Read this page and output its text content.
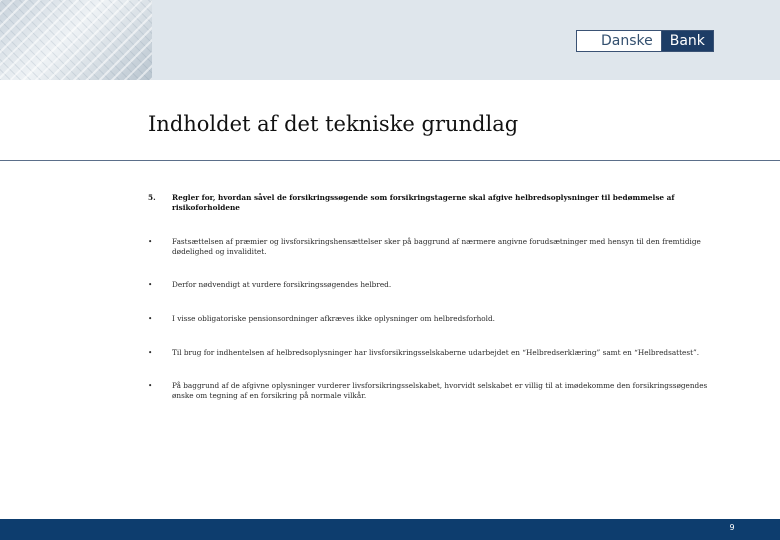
Danske	Bank
Indholdet af det tekniske grundlag
5. Regler for, hvordan såvel de forsikringssøgende som forsikringstagerne skal afgive helbredsoplysninger til bedømmelse af risikoforholdene
•	Fastsættelsen af præmier og livsforsikringshensættelser sker på baggrund af nærmere angivne forudsætninger med hensyn til den fremtidige dødelighed og invaliditet.
•	Derfor nødvendigt at vurdere forsikringssøgendes helbred.
•	I visse obligatoriske pensionsordninger afkræves ikke oplysninger om helbredsforhold.
•	Til brug for indhentelsen af helbredsoplysninger har livsforsikringsselskaberne udarbejdet en “Helbredserklæring” samt en “Helbredsattest”.
•	På baggrund af de afgivne oplysninger vurderer livsforsikringsselskabet, hvorvidt selskabet er villig til at imødekomme den forsikringssøgendes ønske om tegning af en forsikring på normale vilkår.
9
